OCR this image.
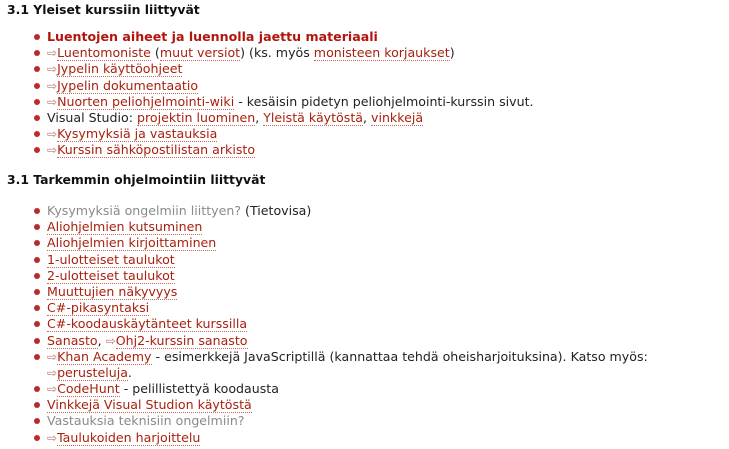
3.1 Yleiset kurssiin liittyvät
Luentojen aiheet ja luennolla jaettu materiaali
⇨Luentomoniste (muut versiot) (ks. myös monisteen korjaukset)
⇨Jypelin käyttöohjeet
⇨Jypelin dokumentaatio
⇨Nuorten peliohjelmointi-wiki - kesäisin pidetyn peliohjelmointi-kurssin sivut.
Visual Studio: projektin luominen, Yleistä käytöstä, vinkkejä
⇨Kysymyksiä ja vastauksia
⇨Kurssin sähköpostilistan arkisto
3.1 Tarkemmin ohjelmointiin liittyvät
Kysymyksiä ongelmiin liittyen? (Tietovisa)
Aliohjelmien kutsuminen
Aliohjelmien kirjoittaminen
1-ulotteiset taulukot
2-ulotteiset taulukot
Muuttujien näkyvyys
C#-pikasyntaksi
C#-koodauskäytänteet kurssilla
Sanasto, ⇨Ohj2-kurssin sanasto
⇨Khan Academy - esimerkkejä JavaScriptillä (kannattaa tehdä oheisharjoituksina). Katso myös: ⇨perusteluja.
⇨CodeHunt - pelillistettyä koodausta
Vinkkejä Visual Studion käytöstä
Vastauksia teknisiin ongelmiin?
⇨Taulukoiden harjoittelu
